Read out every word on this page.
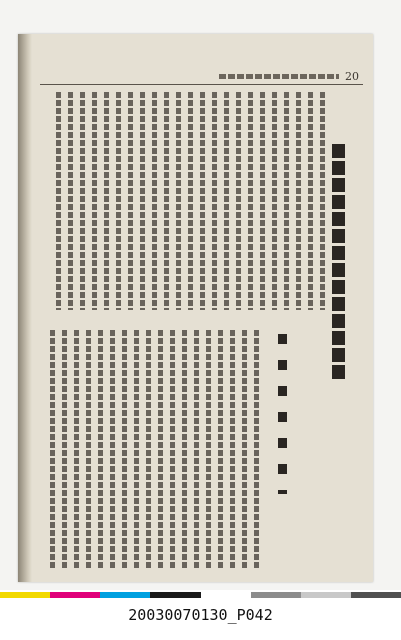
20
20030070130_P042
